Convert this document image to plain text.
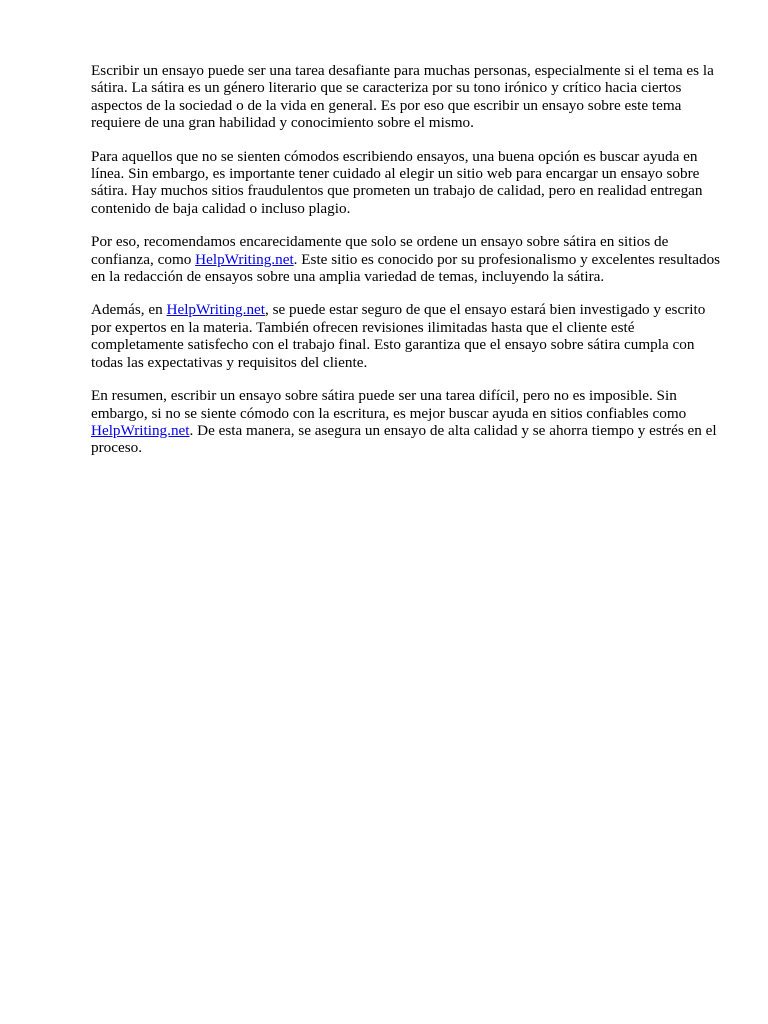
Escribir un ensayo puede ser una tarea desafiante para muchas personas, especialmente si el tema es la sátira. La sátira es un género literario que se caracteriza por su tono irónico y crítico hacia ciertos aspectos de la sociedad o de la vida en general. Es por eso que escribir un ensayo sobre este tema requiere de una gran habilidad y conocimiento sobre el mismo.

Para aquellos que no se sienten cómodos escribiendo ensayos, una buena opción es buscar ayuda en línea. Sin embargo, es importante tener cuidado al elegir un sitio web para encargar un ensayo sobre sátira. Hay muchos sitios fraudulentos que prometen un trabajo de calidad, pero en realidad entregan contenido de baja calidad o incluso plagio.

Por eso, recomendamos encarecidamente que solo se ordene un ensayo sobre sátira en sitios de confianza, como HelpWriting.net. Este sitio es conocido por su profesionalismo y excelentes resultados en la redacción de ensayos sobre una amplia variedad de temas, incluyendo la sátira.

Además, en HelpWriting.net, se puede estar seguro de que el ensayo estará bien investigado y escrito por expertos en la materia. También ofrecen revisiones ilimitadas hasta que el cliente esté completamente satisfecho con el trabajo final. Esto garantiza que el ensayo sobre sátira cumpla con todas las expectativas y requisitos del cliente.

En resumen, escribir un ensayo sobre sátira puede ser una tarea difícil, pero no es imposible. Sin embargo, si no se siente cómodo con la escritura, es mejor buscar ayuda en sitios confiables como HelpWriting.net. De esta manera, se asegura un ensayo de alta calidad y se ahorra tiempo y estrés en el proceso.
